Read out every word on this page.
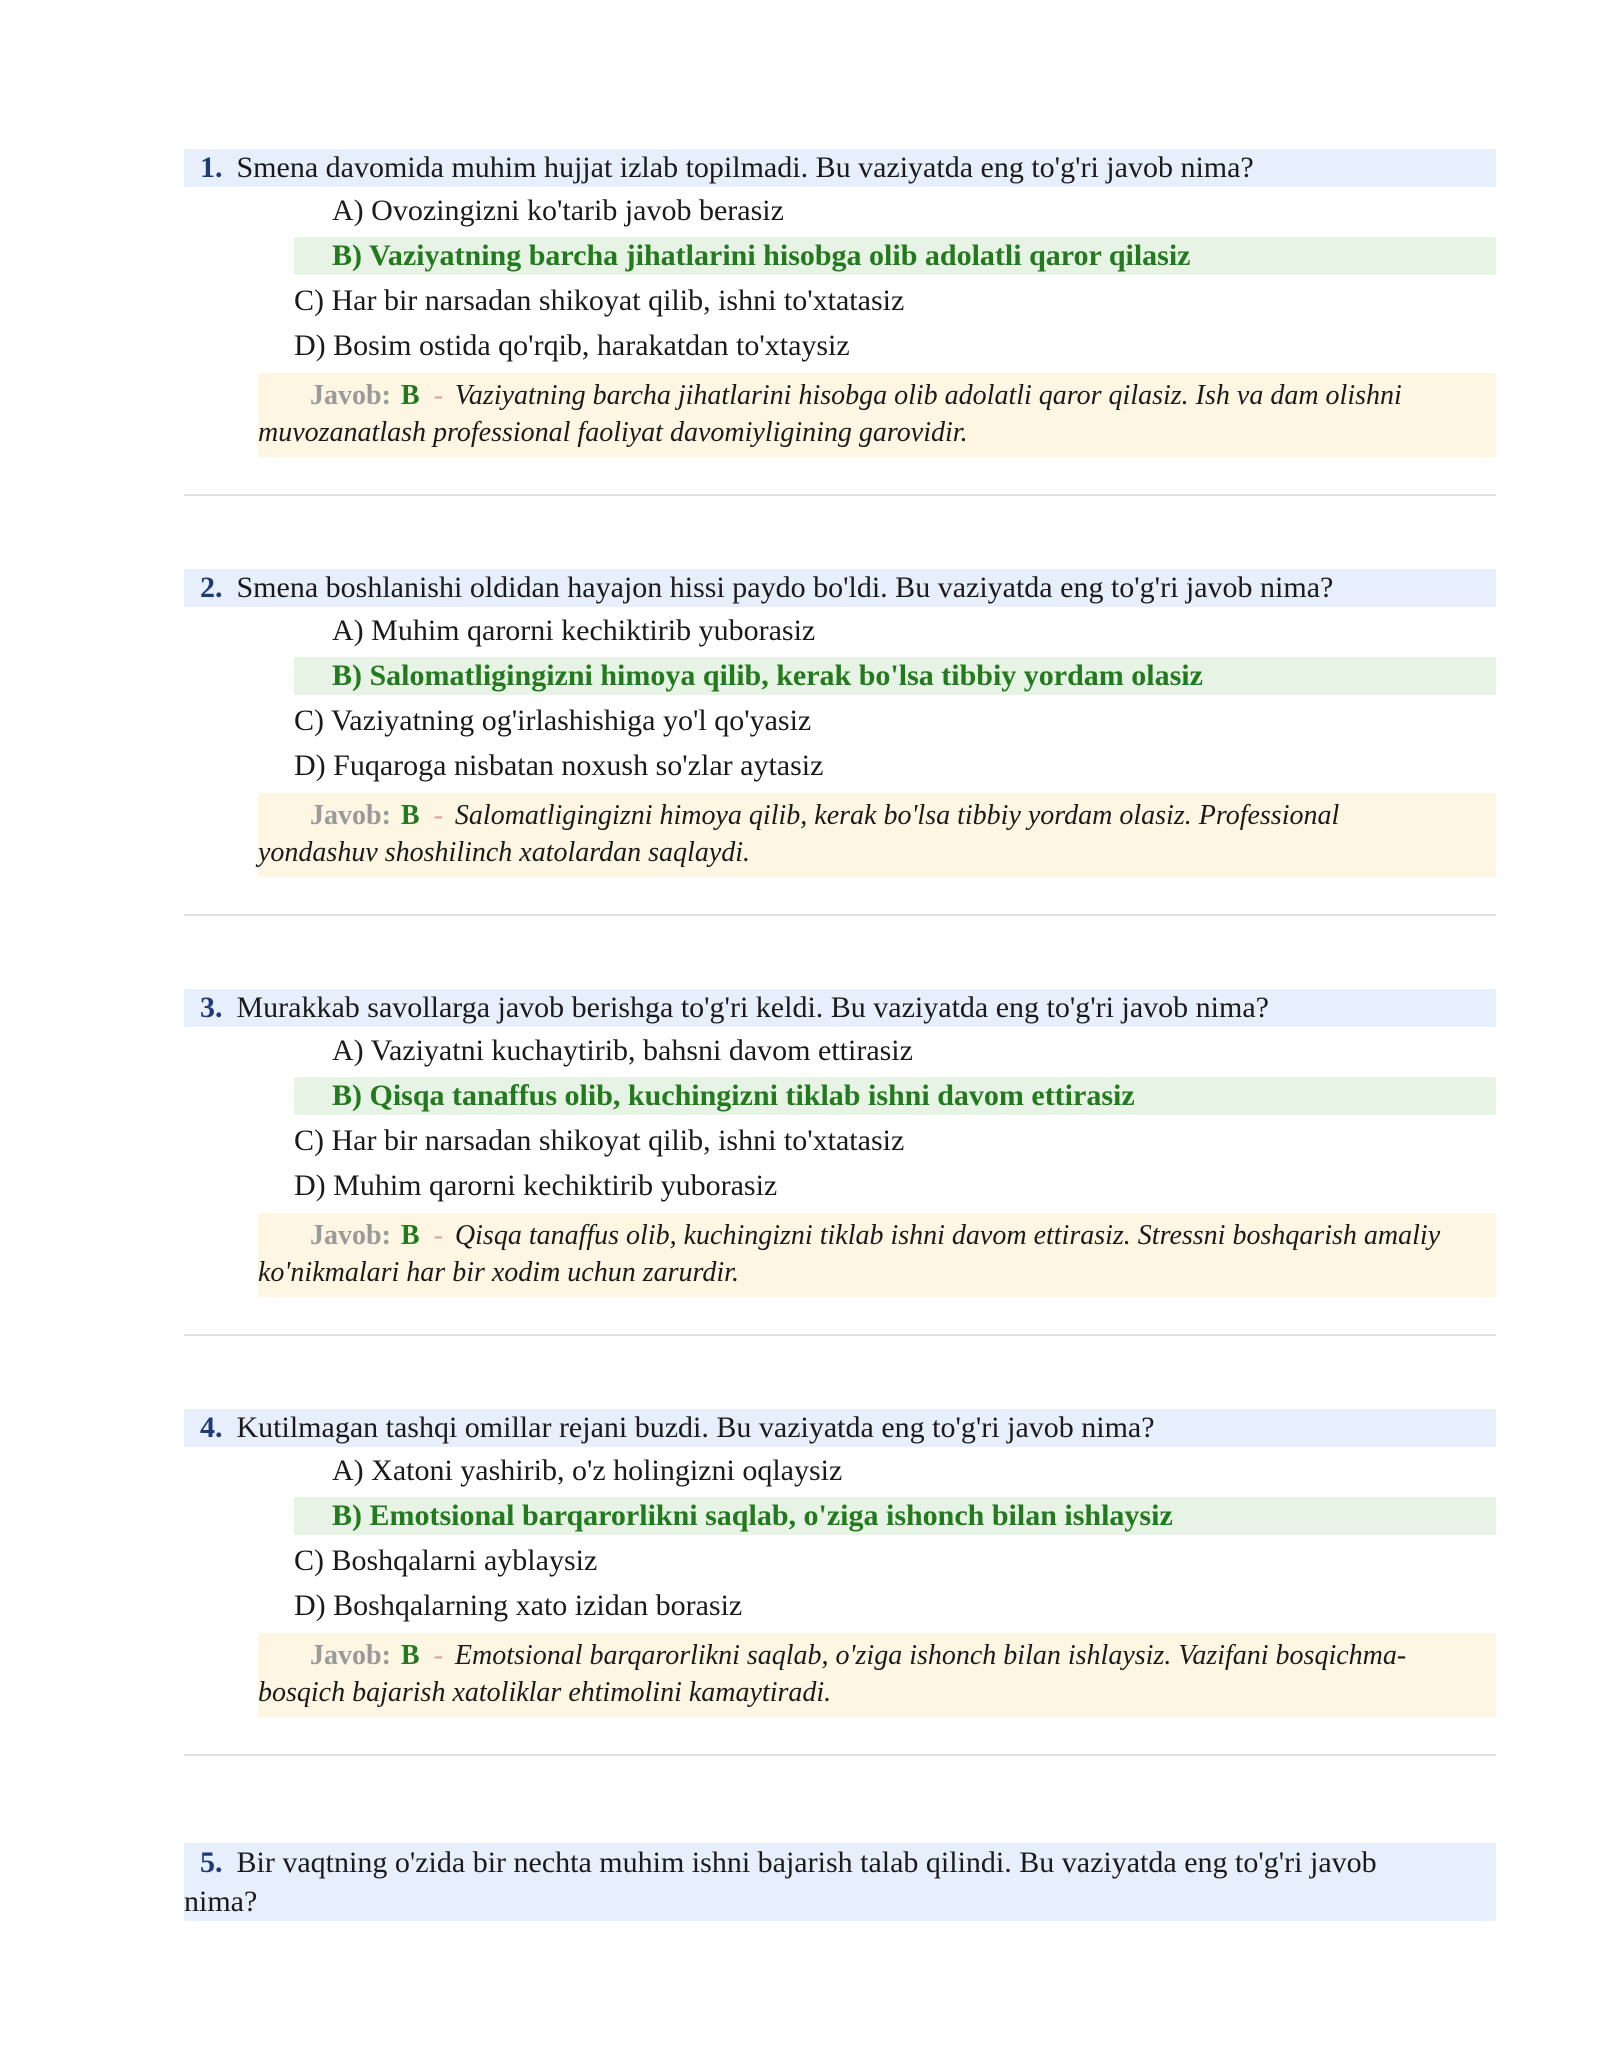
1. Smena davomida muhim hujjat izlab topilmadi. Bu vaziyatda eng to'g'ri javob nima?
A) Ovozingizni ko'tarib javob berasiz
B) Vaziyatning barcha jihatlarini hisobga olib adolatli qaror qilasiz
C) Har bir narsadan shikoyat qilib, ishni to'xtatasiz
D) Bosim ostida qo'rqib, harakatdan to'xtaysiz
Javob: B - Vaziyatning barcha jihatlarini hisobga olib adolatli qaror qilasiz. Ish va dam olishni
muvozanatlash professional faoliyat davomiyligining garovidir.
2. Smena boshlanishi oldidan hayajon hissi paydo bo'ldi. Bu vaziyatda eng to'g'ri javob nima?
A) Muhim qarorni kechiktirib yuborasiz
B) Salomatligingizni himoya qilib, kerak bo'lsa tibbiy yordam olasiz
C) Vaziyatning og'irlashishiga yo'l qo'yasiz
D) Fuqaroga nisbatan noxush so'zlar aytasiz
Javob: B - Salomatligingizni himoya qilib, kerak bo'lsa tibbiy yordam olasiz. Professional
yondashuv shoshilinch xatolardan saqlaydi.
3. Murakkab savollarga javob berishga to'g'ri keldi. Bu vaziyatda eng to'g'ri javob nima?
A) Vaziyatni kuchaytirib, bahsni davom ettirasiz
B) Qisqa tanaffus olib, kuchingizni tiklab ishni davom ettirasiz
C) Har bir narsadan shikoyat qilib, ishni to'xtatasiz
D) Muhim qarorni kechiktirib yuborasiz
Javob: B - Qisqa tanaffus olib, kuchingizni tiklab ishni davom ettirasiz. Stressni boshqarish amaliy
ko'nikmalari har bir xodim uchun zarurdir.
4. Kutilmagan tashqi omillar rejani buzdi. Bu vaziyatda eng to'g'ri javob nima?
A) Xatoni yashirib, o'z holingizni oqlaysiz
B) Emotsional barqarorlikni saqlab, o'ziga ishonch bilan ishlaysiz
C) Boshqalarni ayblaysiz
D) Boshqalarning xato izidan borasiz
Javob: B - Emotsional barqarorlikni saqlab, o'ziga ishonch bilan ishlaysiz. Vazifani bosqichma-
bosqich bajarish xatoliklar ehtimolini kamaytiradi.
5. Bir vaqtning o'zida bir nechta muhim ishni bajarish talab qilindi. Bu vaziyatda eng to'g'ri javob
nima?
